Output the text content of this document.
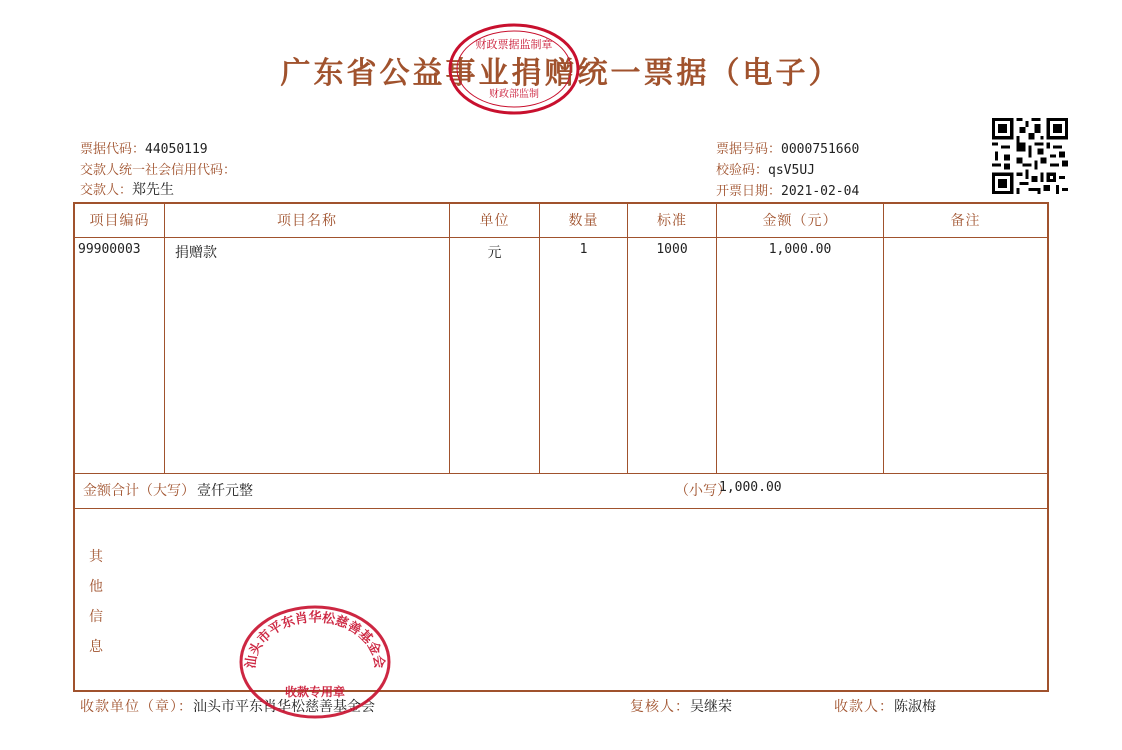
广东省公益事业捐赠统一票据（电子）
财政票据监制章
财政部监制
票据代码：44050119
交款人统一社会信用代码：
交款人：郑先生
票据号码：0000751660
校验码：qsV5UJ
开票日期：2021-02-04
项目编码	项目名称	单位	数量	标准	金额（元）	备注
99900003 捐赠款	元	1	1000	1,000.00
金额合计（大写） 壹仟元整	（小写）
1,000.00
其
他
信
息
收款单位（章）：汕头市平东肖华松慈善基金会	复核人：吴继荣	收款人：陈淑梅
汕头市平东肖华松慈善基金会
收款专用章
